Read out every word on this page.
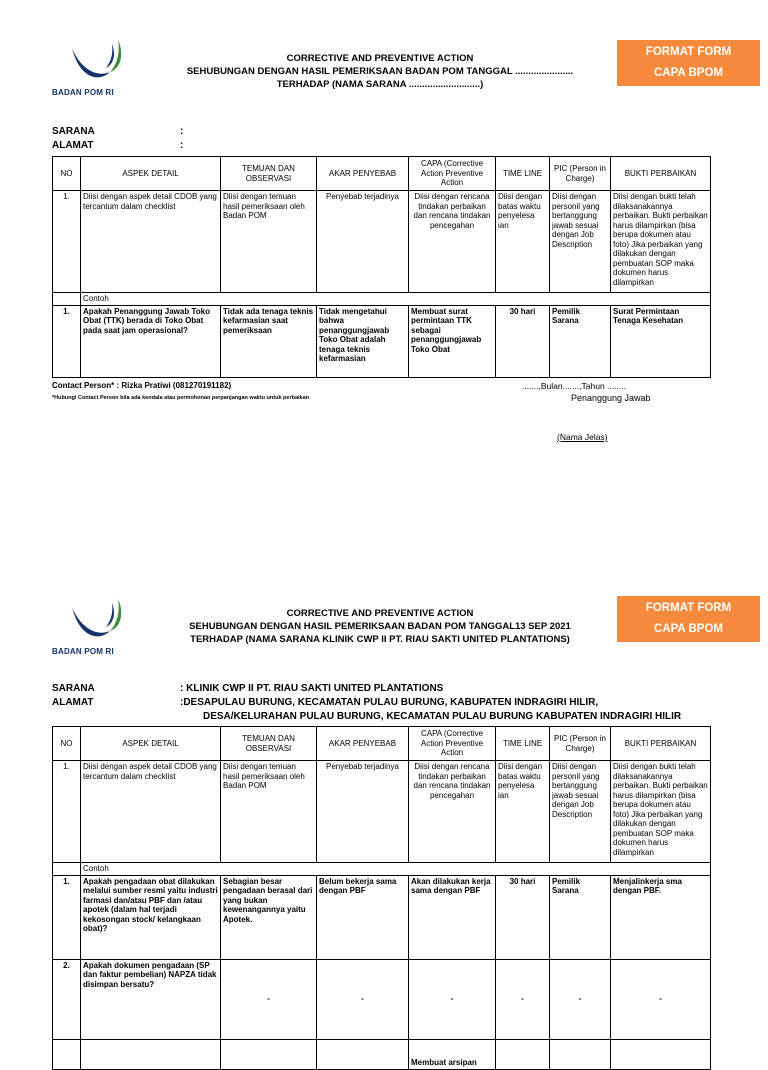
BADAN POM RI
CORRECTIVE AND PREVENTIVE ACTION
SEHUBUNGAN DENGAN HASIL PEMERIKSAAN BADAN POM TANGGAL ......................
TERHADAP (NAMA SARANA ...........................)
FORMAT FORM
CAPA BPOM
SARANA	:
ALAMAT	:
NO	ASPEK DETAIL	TEMUAN DAN OBSERVASI	AKAR PENYEBAB	CAPA (Corrective Action Preventive Action	TIME LINE	PIC (Person in Charge)	BUKTI PERBAIKAN
1.	Diisi dengan aspek detail CDOB yang tercantum dalam checklist	Diisi dengan temuan hasil pemeriksaan oleh Badan POM	Penyebab terjadinya	Diisi dengan rencana tindakan perbaikan dan rencana tindakan pencegahan	Diisi dengan batas waktu penyelesa ian	Diisi dengan personil yang bertanggung jawab sesuai dengan Job Description	Diisi dengan bukti telah dilaksanakannya perbaikan. Bukti perbaikan harus dilampirkan (bisa berupa dokumen atau foto) Jika perbaikan yang dilakukan dengan pembuatan SOP maka dokumen harus dilampirkan
	Contoh						
1.	Apakah Penanggung Jawab Toko Obat (TTK) berada di Toko Obat pada saat jam operasional?	Tidak ada tenaga teknis kefarmasian saat pemeriksaan	Tidak mengetahui bahwa penanggungjawab Toko Obat adalah tenaga teknis kefarmasian	Membuat surat permintaan TTK sebagai penanggungjawab Toko Obat	30 hari	Pemilik Sarana	Surat Permintaan Tenaga Kesehatan
Contact Person* : Rizka Pratiwi (081270191182)
*Hubungi Contact Person bila ada kendala atau permohonan perpanjangan waktu untuk perbaikan
.......,Bulan.......,Tahun ........
Penanggung Jawab
(Nama Jelas)
BADAN POM RI
CORRECTIVE AND PREVENTIVE ACTION
SEHUBUNGAN DENGAN HASIL PEMERIKSAAN BADAN POM TANGGAL13 SEP 2021
TERHADAP (NAMA SARANA KLINIK CWP II PT. RIAU SAKTI UNITED PLANTATIONS)
FORMAT FORM
CAPA BPOM
SARANA	: KLINIK CWP II PT. RIAU SAKTI UNITED PLANTATIONS
ALAMAT	:DESAPULAU BURUNG, KECAMATAN PULAU BURUNG, KABUPATEN INDRAGIRI HILIR,
DESA/KELURAHAN PULAU BURUNG, KECAMATAN PULAU BURUNG KABUPATEN INDRAGIRI HILIR
NO	ASPEK DETAIL	TEMUAN DAN OBSERVASI	AKAR PENYEBAB	CAPA (Corrective Action Preventive Action	TIME LINE	PIC (Person in Charge)	BUKTI PERBAIKAN
1.	Diisi dengan aspek detail CDOB yang tercantum dalam checklist	Diisi dengan temuan hasil pemeriksaan oleh Badan POM	Penyebab terjadinya	Diisi dengan rencana tindakan perbaikan dan rencana tindakan pencegahan	Diisi dengan batas waktu penyelesa ian	Diisi dengan personil yang bertanggung jawab sesuai dengan Job Description	Diisi dengan bukti telah dilaksanakannya perbaikan. Bukti perbaikan harus dilampirkan (bisa berupa dokumen atau foto) Jika perbaikan yang dilakukan dengan pembuatan SOP maka dokumen harus dilampirkan
	Contoh						
1.	Apakah pengadaan obat dilakukan melalui sumber resmi yaitu industri farmasi dan/atau PBF dan /atau apotek (dalam hal terjadi kekosongan stock/ kelangkaan obat)?	Sebagian besar pengadaan berasal dari yang bukan kewenangannya yaitu Apotek.	Belum bekerja sama dengan PBF	Akan dilakukan kerja sama dengan PBF	30 hari	Pemilik Sarana	Menjalinkerja sma dengan PBF.
2.	Apakah dokumen pengadaan (SP dan faktur pembelian) NAPZA tidak disimpan bersatu?	-	-	-	-	-	-
				Membuat arsipan			
